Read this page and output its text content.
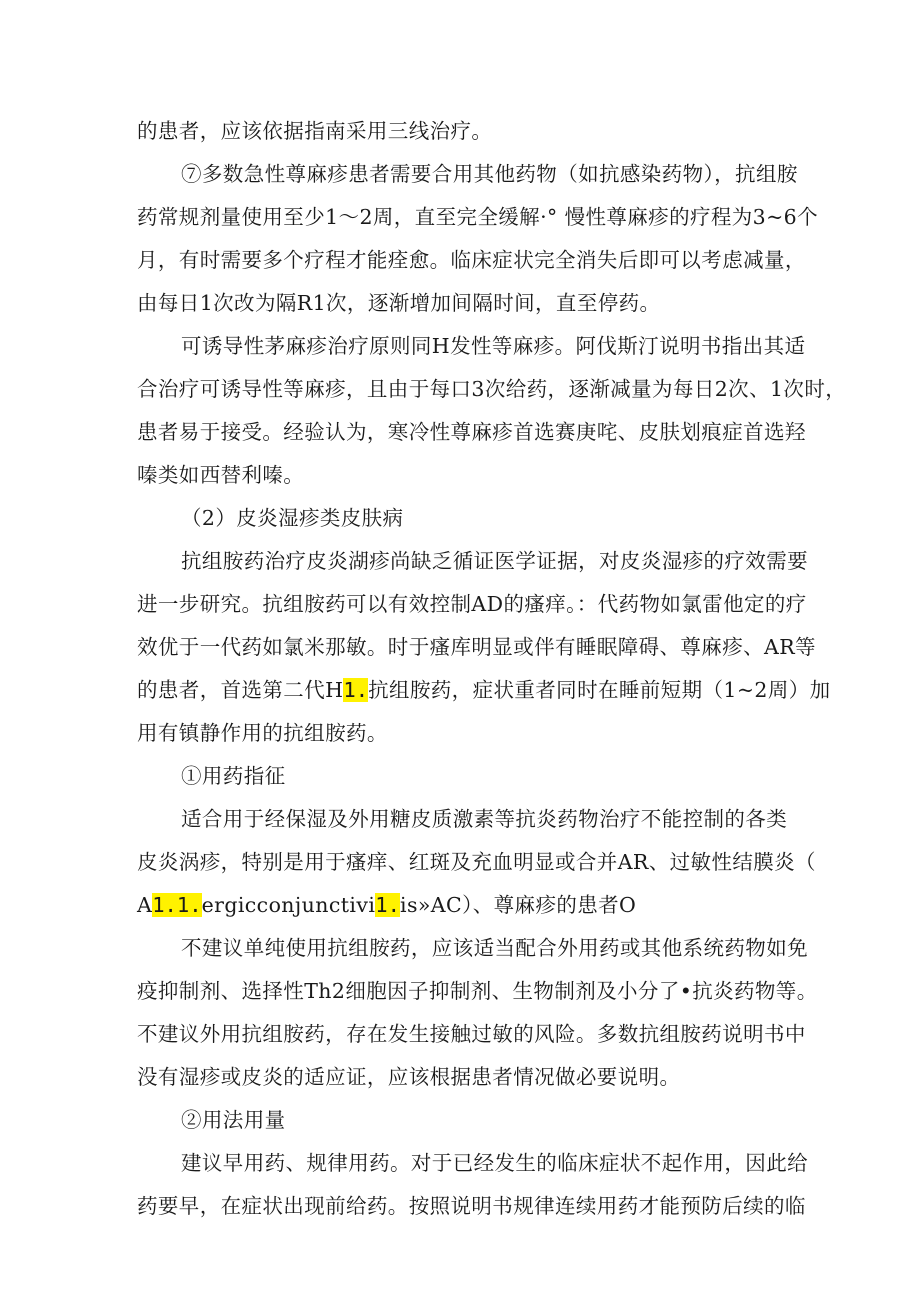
的患者，应该依据指南采用三线治疗。
⑦多数急性尊麻疹患者需要合用其他药物（如抗感染药物），抗组胺
药常规剂量使用至少1～2周，直至完全缓解·° 慢性尊麻疹的疗程为3~6个
月，有时需要多个疗程才能痊愈。临床症状完全消失后即可以考虑减量，
由每日1次改为隔R1次，逐渐增加间隔时间，直至停药。
可诱导性茅麻疹治疗原则同H发性等麻疹。阿伐斯汀说明书指出其适
合治疗可诱导性等麻疹，且由于每口3次给药，逐渐减量为每日2次、1次时，
患者易于接受。经验认为，寒冷性尊麻疹首选赛庚咤、皮肤划痕症首选羟
嗪类如西替利嗪。
（2）皮炎湿疹类皮肤病
抗组胺药治疗皮炎湖疹尚缺乏循证医学证据，对皮炎湿疹的疗效需要
进一步研究。抗组胺药可以有效控制AD的瘙痒。：代药物如氯雷他定的疗
效优于一代药如氯米那敏。时于瘙库明显或伴有睡眠障碍、尊麻疹、AR等
的患者，首选第二代H1.抗组胺药，症状重者同时在睡前短期（1~2周）加
用有镇静作用的抗组胺药。
①用药指征
适合用于经保湿及外用糖皮质激素等抗炎药物治疗不能控制的各类
皮炎涡疹，特别是用于瘙痒、红斑及充血明显或合并AR、过敏性结膜炎（
A1.1.ergicconjunctivi1.is»AC）、尊麻疹的患者O
不建议单纯使用抗组胺药，应该适当配合外用药或其他系统药物如免
疫抑制剂、选择性Th2细胞因子抑制剂、生物制剂及小分了•抗炎药物等。
不建议外用抗组胺药，存在发生接触过敏的风险。多数抗组胺药说明书中
没有湿疹或皮炎的适应证，应该根据患者情况做必要说明。
②用法用量
建议早用药、规律用药。对于已经发生的临床症状不起作用，因此给
药要早，在症状出现前给药。按照说明书规律连续用药才能预防后续的临
